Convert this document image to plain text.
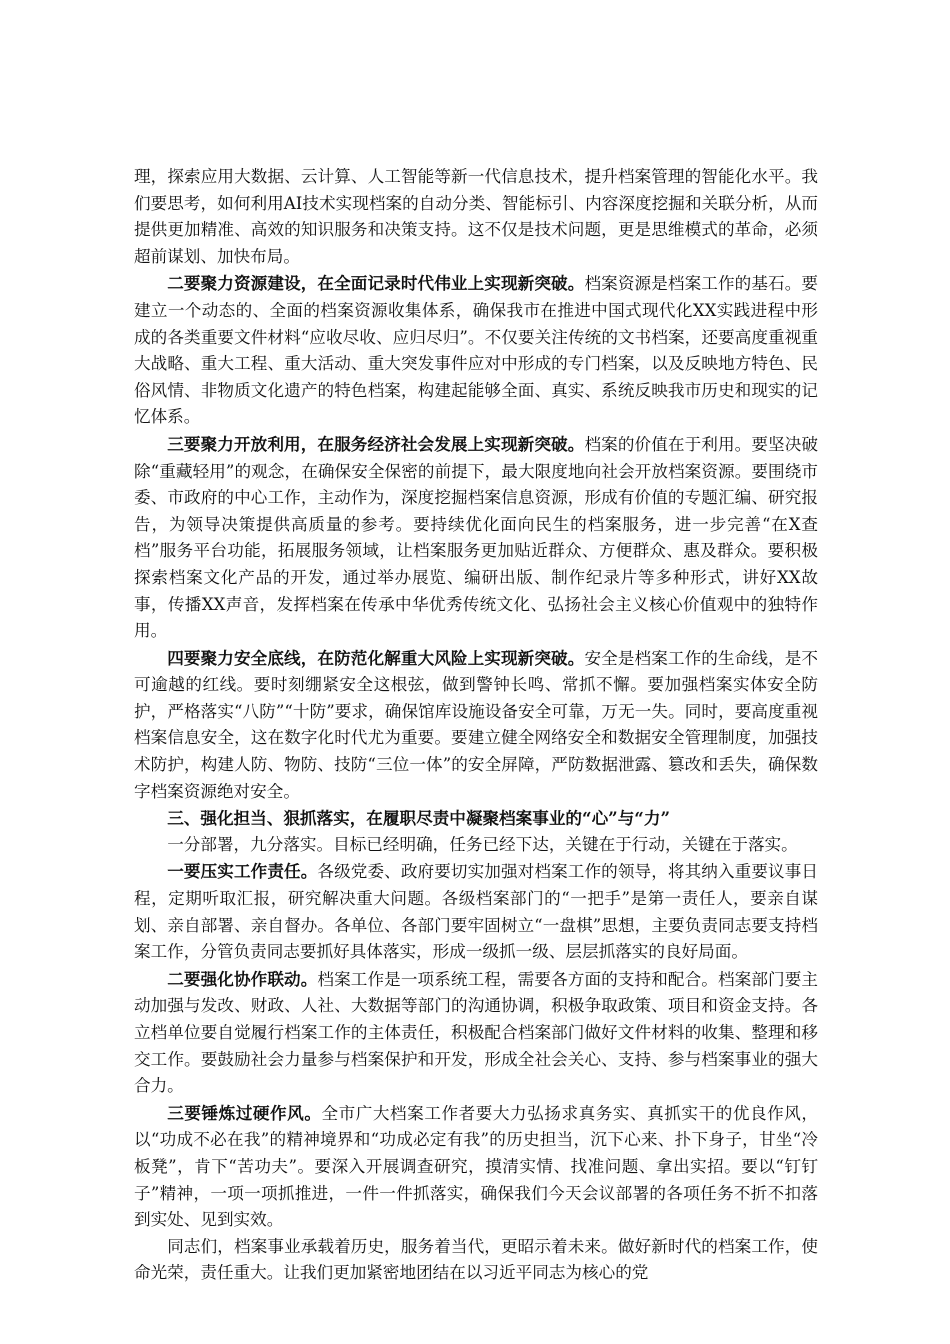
理，探索应用大数据、云计算、人工智能等新一代信息技术，提升档案管理的智能化水平。我们要思考，如何利用AI技术实现档案的自动分类、智能标引、内容深度挖掘和关联分析，从而提供更加精准、高效的知识服务和决策支持。这不仅是技术问题，更是思维模式的革命，必须超前谋划、加快布局。

二要聚力资源建设，在全面记录时代伟业上实现新突破。档案资源是档案工作的基石。要建立一个动态的、全面的档案资源收集体系，确保我市在推进中国式现代化XX实践进程中形成的各类重要文件材料“应收尽收、应归尽归”。不仅要关注传统的文书档案，还要高度重视重大战略、重大工程、重大活动、重大突发事件应对中形成的专门档案，以及反映地方特色、民俗风情、非物质文化遗产的特色档案，构建起能够全面、真实、系统反映我市历史和现实的记忆体系。

三要聚力开放利用，在服务经济社会发展上实现新突破。档案的价值在于利用。要坚决破除“重藏轻用”的观念，在确保安全保密的前提下，最大限度地向社会开放档案资源。要围绕市委、市政府的中心工作，主动作为，深度挖掘档案信息资源，形成有价值的专题汇编、研究报告，为领导决策提供高质量的参考。要持续优化面向民生的档案服务，进一步完善“在X查档”服务平台功能，拓展服务领域，让档案服务更加贴近群众、方便群众、惠及群众。要积极探索档案文化产品的开发，通过举办展览、编研出版、制作纪录片等多种形式，讲好XX故事，传播XX声音，发挥档案在传承中华优秀传统文化、弘扬社会主义核心价值观中的独特作用。

四要聚力安全底线，在防范化解重大风险上实现新突破。安全是档案工作的生命线，是不可逾越的红线。要时刻绷紧安全这根弦，做到警钟长鸣、常抓不懈。要加强档案实体安全防护，严格落实“八防”“十防”要求，确保馆库设施设备安全可靠，万无一失。同时，要高度重视档案信息安全，这在数字化时代尤为重要。要建立健全网络安全和数据安全管理制度，加强技术防护，构建人防、物防、技防“三位一体”的安全屏障，严防数据泄露、篡改和丢失，确保数字档案资源绝对安全。

三、强化担当、狠抓落实，在履职尽责中凝聚档案事业的“心”与“力”

一分部署，九分落实。目标已经明确，任务已经下达，关键在于行动，关键在于落实。

一要压实工作责任。各级党委、政府要切实加强对档案工作的领导，将其纳入重要议事日程，定期听取汇报，研究解决重大问题。各级档案部门的“一把手”是第一责任人，要亲自谋划、亲自部署、亲自督办。各单位、各部门要牢固树立“一盘棋”思想，主要负责同志要支持档案工作，分管负责同志要抓好具体落实，形成一级抓一级、层层抓落实的良好局面。

二要强化协作联动。档案工作是一项系统工程，需要各方面的支持和配合。档案部门要主动加强与发改、财政、人社、大数据等部门的沟通协调，积极争取政策、项目和资金支持。各立档单位要自觉履行档案工作的主体责任，积极配合档案部门做好文件材料的收集、整理和移交工作。要鼓励社会力量参与档案保护和开发，形成全社会关心、支持、参与档案事业的强大合力。

三要锤炼过硬作风。全市广大档案工作者要大力弘扬求真务实、真抓实干的优良作风，以“功成不必在我”的精神境界和“功成必定有我”的历史担当，沉下心来、扑下身子，甘坐“冷板凳”，肯下“苦功夫”。要深入开展调查研究，摸清实情、找准问题、拿出实招。要以“钉钉子”精神，一项一项抓推进，一件一件抓落实，确保我们今天会议部署的各项任务不折不扣落到实处、见到实效。

同志们，档案事业承载着历史，服务着当代，更昭示着未来。做好新时代的档案工作，使命光荣，责任重大。让我们更加紧密地团结在以习近平同志为核心的党
